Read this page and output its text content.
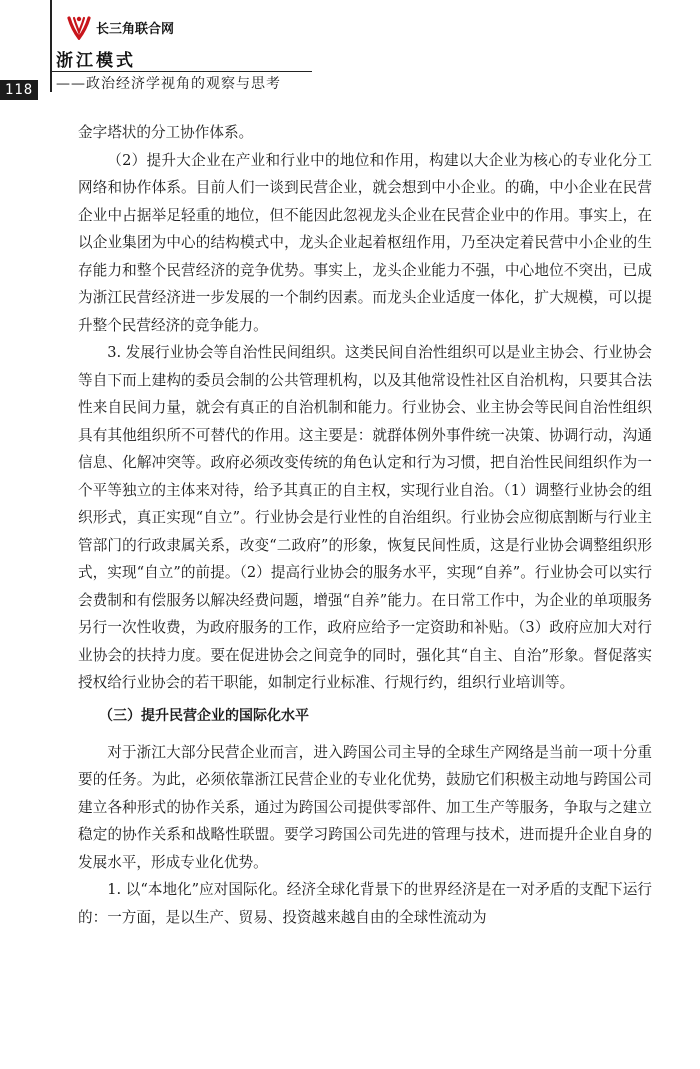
长三角联合网
浙江模式
——政治经济学视角的观察与思考
118

金字塔状的分工协作体系。

（2）提升大企业在产业和行业中的地位和作用，构建以大企业为核心的专业化分工网络和协作体系。目前人们一谈到民营企业，就会想到中小企业。的确，中小企业在民营企业中占据举足轻重的地位，但不能因此忽视龙头企业在民营企业中的作用。事实上，在以企业集团为中心的结构模式中，龙头企业起着枢纽作用，乃至决定着民营中小企业的生存能力和整个民营经济的竞争优势。事实上，龙头企业能力不强，中心地位不突出，已成为浙江民营经济进一步发展的一个制约因素。而龙头企业适度一体化，扩大规模，可以提升整个民营经济的竞争能力。

3. 发展行业协会等自治性民间组织。这类民间自治性组织可以是业主协会、行业协会等自下而上建构的委员会制的公共管理机构，以及其他常设性社区自治机构，只要其合法性来自民间力量，就会有真正的自治机制和能力。行业协会、业主协会等民间自治性组织具有其他组织所不可替代的作用。这主要是：就群体例外事件统一决策、协调行动，沟通信息、化解冲突等。政府必须改变传统的角色认定和行为习惯，把自治性民间组织作为一个平等独立的主体来对待，给予其真正的自主权，实现行业自治。（1）调整行业协会的组织形式，真正实现“自立”。行业协会是行业性的自治组织。行业协会应彻底割断与行业主管部门的行政隶属关系，改变“二政府”的形象，恢复民间性质，这是行业协会调整组织形式，实现“自立”的前提。（2）提高行业协会的服务水平，实现“自养”。行业协会可以实行会费制和有偿服务以解决经费问题，增强“自养”能力。在日常工作中，为企业的单项服务另行一次性收费，为政府服务的工作，政府应给予一定资助和补贴。（3）政府应加大对行业协会的扶持力度。要在促进协会之间竞争的同时，强化其“自主、自治”形象。督促落实授权给行业协会的若干职能，如制定行业标准、行规行约，组织行业培训等。

（三）提升民营企业的国际化水平

对于浙江大部分民营企业而言，进入跨国公司主导的全球生产网络是当前一项十分重要的任务。为此，必须依靠浙江民营企业的专业化优势，鼓励它们积极主动地与跨国公司建立各种形式的协作关系，通过为跨国公司提供零部件、加工生产等服务，争取与之建立稳定的协作关系和战略性联盟。要学习跨国公司先进的管理与技术，进而提升企业自身的发展水平，形成专业化优势。

1. 以“本地化”应对国际化。经济全球化背景下的世界经济是在一对矛盾的支配下运行的：一方面，是以生产、贸易、投资越来越自由的全球性流动为
